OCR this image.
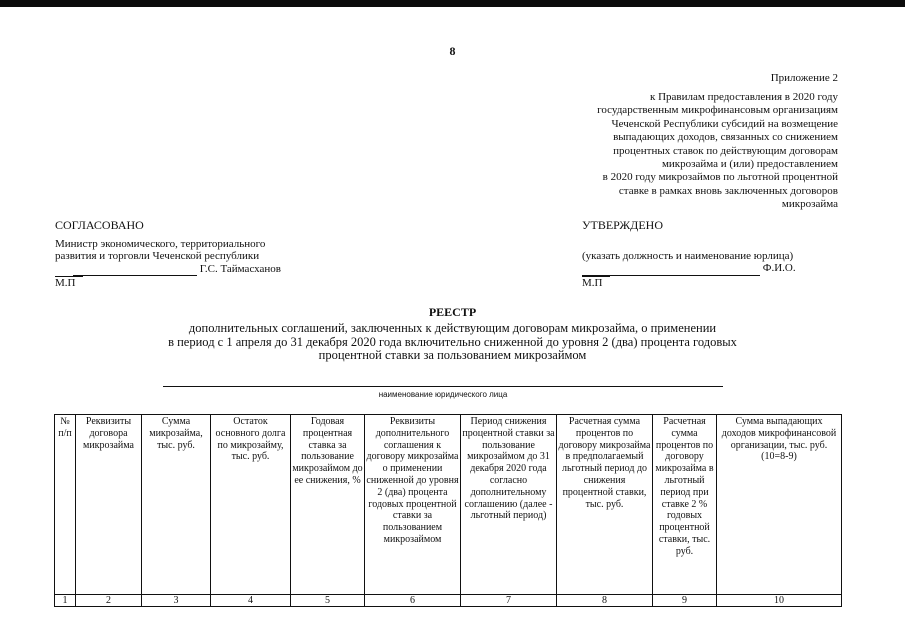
8
Приложение 2
к Правилам предоставления в 2020 году
государственным микрофинансовым организациям
Чеченской Республики субсидий на возмещение
выпадающих доходов, связанных со снижением
процентных ставок по действующим договорам
микрозайма и (или) предоставлением
в 2020 году микрозаймов по льготной процентной
ставке в рамках вновь заключенных договоров
микрозайма
СОГЛАСОВАНО
Министр экономического, территориального
развития и торговли Чеченской республики
Г.С. Таймасханов
М.П
УТВЕРЖДЕНО
(указать должность и наименование юрлица)
Ф.И.О.
М.П
РЕЕСТР
дополнительных соглашений, заключенных к действующим договорам микрозайма, о применении
в период с 1 апреля до 31 декабря 2020 года включительно сниженной до уровня 2 (два) процента годовых
процентной ставки за пользованием микрозаймом
наименование юридического лица
№ п/п	Реквизиты договора микрозайма	Сумма микрозайма, тыс. руб.	Остаток основного долга по микрозайму, тыс. руб.	Годовая процентная ставка за пользование микрозаймом до ее снижения, %	Реквизиты дополнительного соглашения к договору микрозайма о применении сниженной до уровня 2 (два) процента годовых процентной ставки за пользованием микрозаймом	Период снижения процентной ставки за пользование микрозаймом до 31 декабря 2020 года согласно дополнительному соглашению (далее - льготный период)	Расчетная сумма процентов по договору микрозайма в предполагаемый льготный период до снижения процентной ставки, тыс. руб.	Расчетная сумма процентов по договору микрозайма в льготный период при ставке 2 % годовых процентной ставки, тыс. руб.	Сумма выпадающих доходов микрофинансовой организации, тыс. руб. (10=8-9)
1	2	3	4	5	6	7	8	9	10
